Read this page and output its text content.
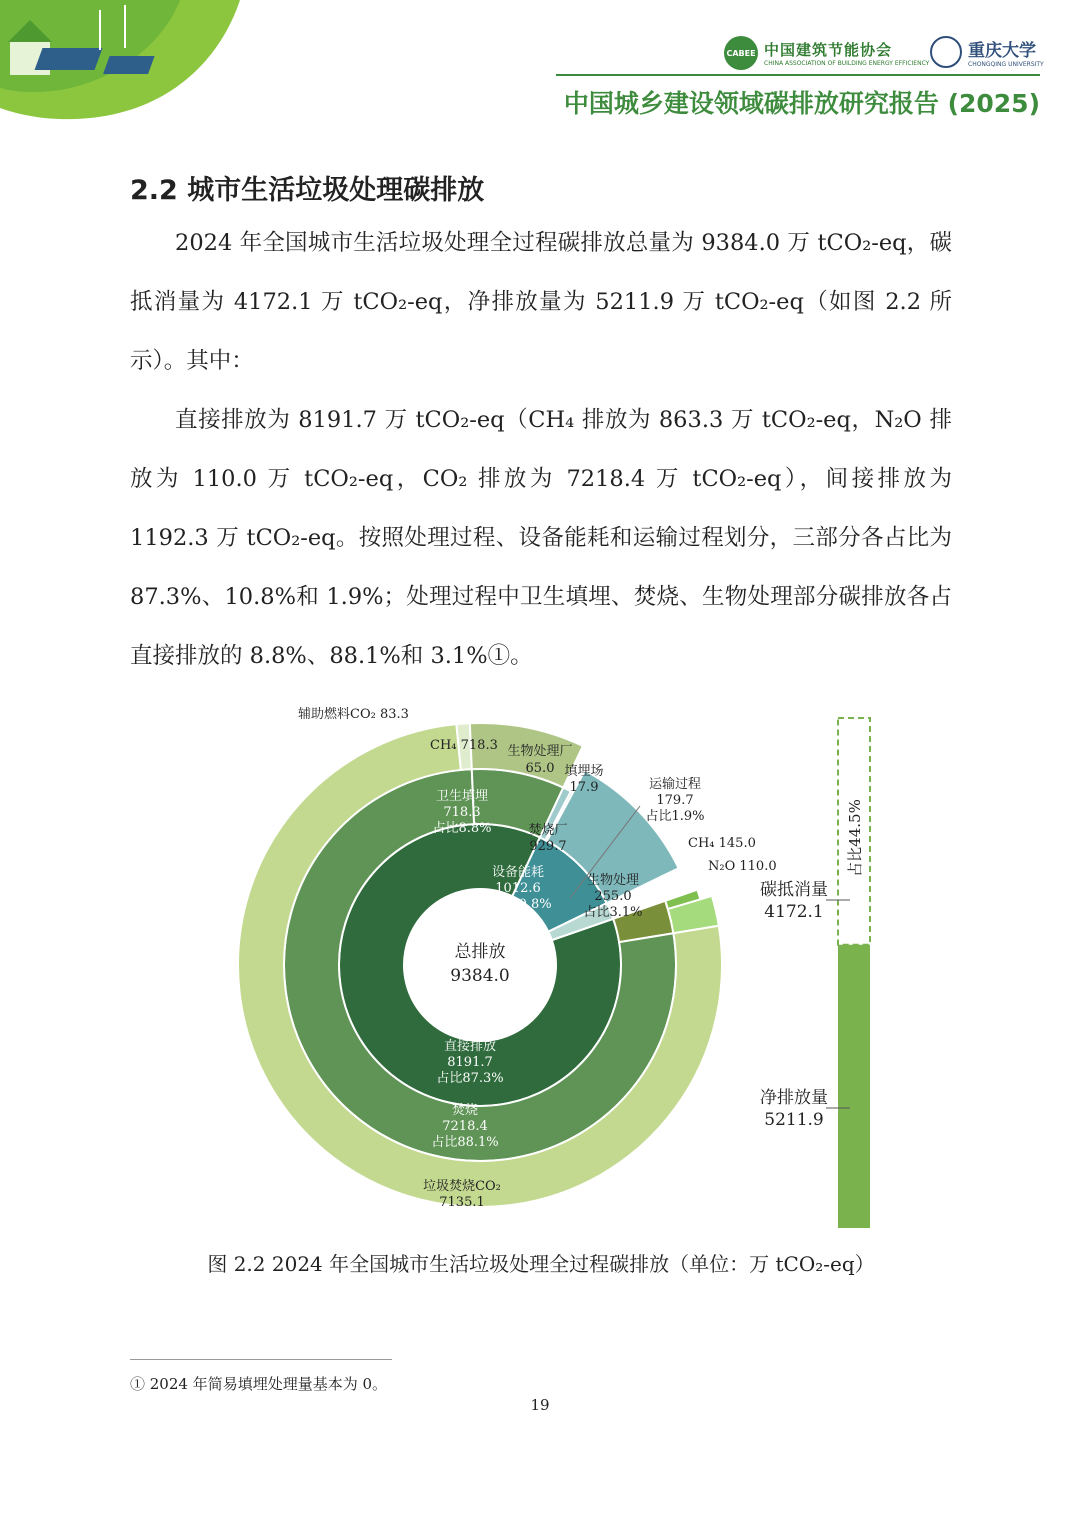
CABEE 中国建筑节能协会
CHINA ASSOCIATION OF BUILDING ENERGY EFFICIENCY
重庆大学
CHONGQING UNIVERSITY
中国城乡建设领域碳排放研究报告 (2025)
2.2 城市生活垃圾处理碳排放

2024 年全国城市生活垃圾处理全过程碳排放总量为 9384.0 万 tCO₂-eq，碳抵消量为 4172.1 万 tCO₂-eq，净排放量为 5211.9 万 tCO₂-eq（如图 2.2 所示）。其中：

直接排放为 8191.7 万 tCO₂-eq（CH₄ 排放为 863.3 万 tCO₂-eq，N₂O 排放为 110.0 万 tCO₂-eq，CO₂ 排放为 7218.4 万 tCO₂-eq），间接排放为 1192.3 万 tCO₂-eq。按照处理过程、设备能耗和运输过程划分，三部分各占比为 87.3%、10.8%和 1.9%；处理过程中卫生填埋、焚烧、生物处理部分碳排放各占直接排放的 8.8%、88.1%和 3.1%①。

总排放
9384.0
直接排放
8191.7
占比87.3%
设备能耗
1012.6
占比10.8%
焚烧
7218.4
占比88.1%
卫生填埋
718.3
占比8.8%
生物处理
255.0
占比3.1%
焚烧厂
929.7
生物处理厂
65.0 填埋场
17.9	运输过程
179.7
占比1.9%
垃圾焚烧CO₂
7135.1
辅助燃料CO₂ 83.3
CH₄ 718.3
CH₄ 145.0
N₂O 110.0	占比44.5%
碳抵消量
4172.1
净排放量
5211.9
图 2.2 2024 年全国城市生活垃圾处理全过程碳排放（单位：万 tCO₂-eq）
① 2024 年简易填埋处理量基本为 0。
19
